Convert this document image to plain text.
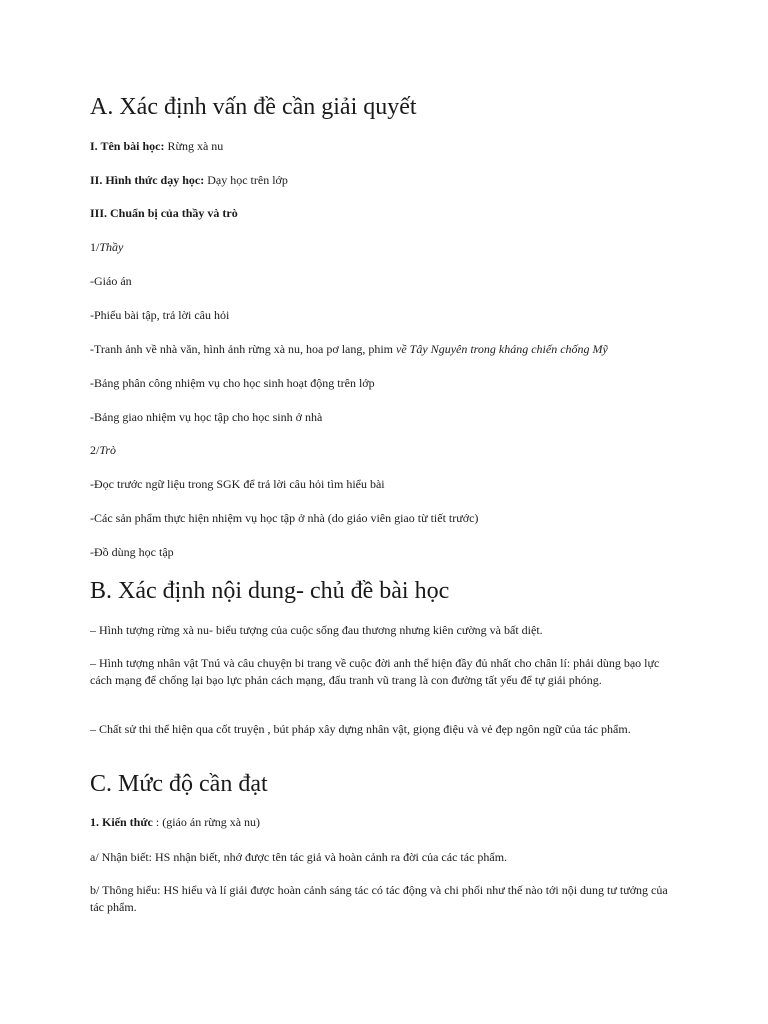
A. Xác định vấn đề cần giải quyết
I. Tên bài học: Rừng xà nu
II. Hình thức dạy học: Dạy học trên lớp
III. Chuẩn bị của thầy và trò
1/Thầy
-Giáo án
-Phiếu bài tập, trả lời câu hỏi
-Tranh ảnh về nhà văn, hình ảnh rừng xà nu, hoa pơ lang, phim về Tây Nguyên trong kháng chiến chống Mỹ
-Bảng phân công nhiệm vụ cho học sinh hoạt động trên lớp
-Bảng giao nhiệm vụ học tập cho học sinh ở nhà
2/Trò
-Đọc trước ngữ liệu trong SGK để trả lời câu hỏi tìm hiểu bài
-Các sản phẩm thực hiện nhiệm vụ học tập ở nhà (do giáo viên giao từ tiết trước)
-Đồ dùng học tập
B. Xác định nội dung- chủ đề bài học
– Hình tượng rừng xà nu- biểu tượng của cuộc sống đau thương nhưng kiên cường và bất diệt.
– Hình tượng nhân vật Tnú và câu chuyện bi trang về cuộc đời anh thể hiện đầy đủ nhất cho chân lí: phải dùng bạo lực cách mạng để chống lại bạo lực phản cách mạng, đấu tranh vũ trang là con đường tất yếu để tự giải phóng.
– Chất sử thi thể hiện qua cốt truyện , bút pháp xây dựng nhân vật, giọng điệu và vẻ đẹp ngôn ngữ của tác phẩm.
C. Mức độ cần đạt
1. Kiến thức : (giáo án rừng xà nu)
a/ Nhận biết: HS nhận biết, nhớ được tên tác giả và hoàn cảnh ra đời của các tác phẩm.
b/ Thông hiểu: HS hiểu và lí giải được hoàn cảnh sáng tác có tác động và chi phối như thế nào tới nội dung tư tưởng của tác phẩm.
